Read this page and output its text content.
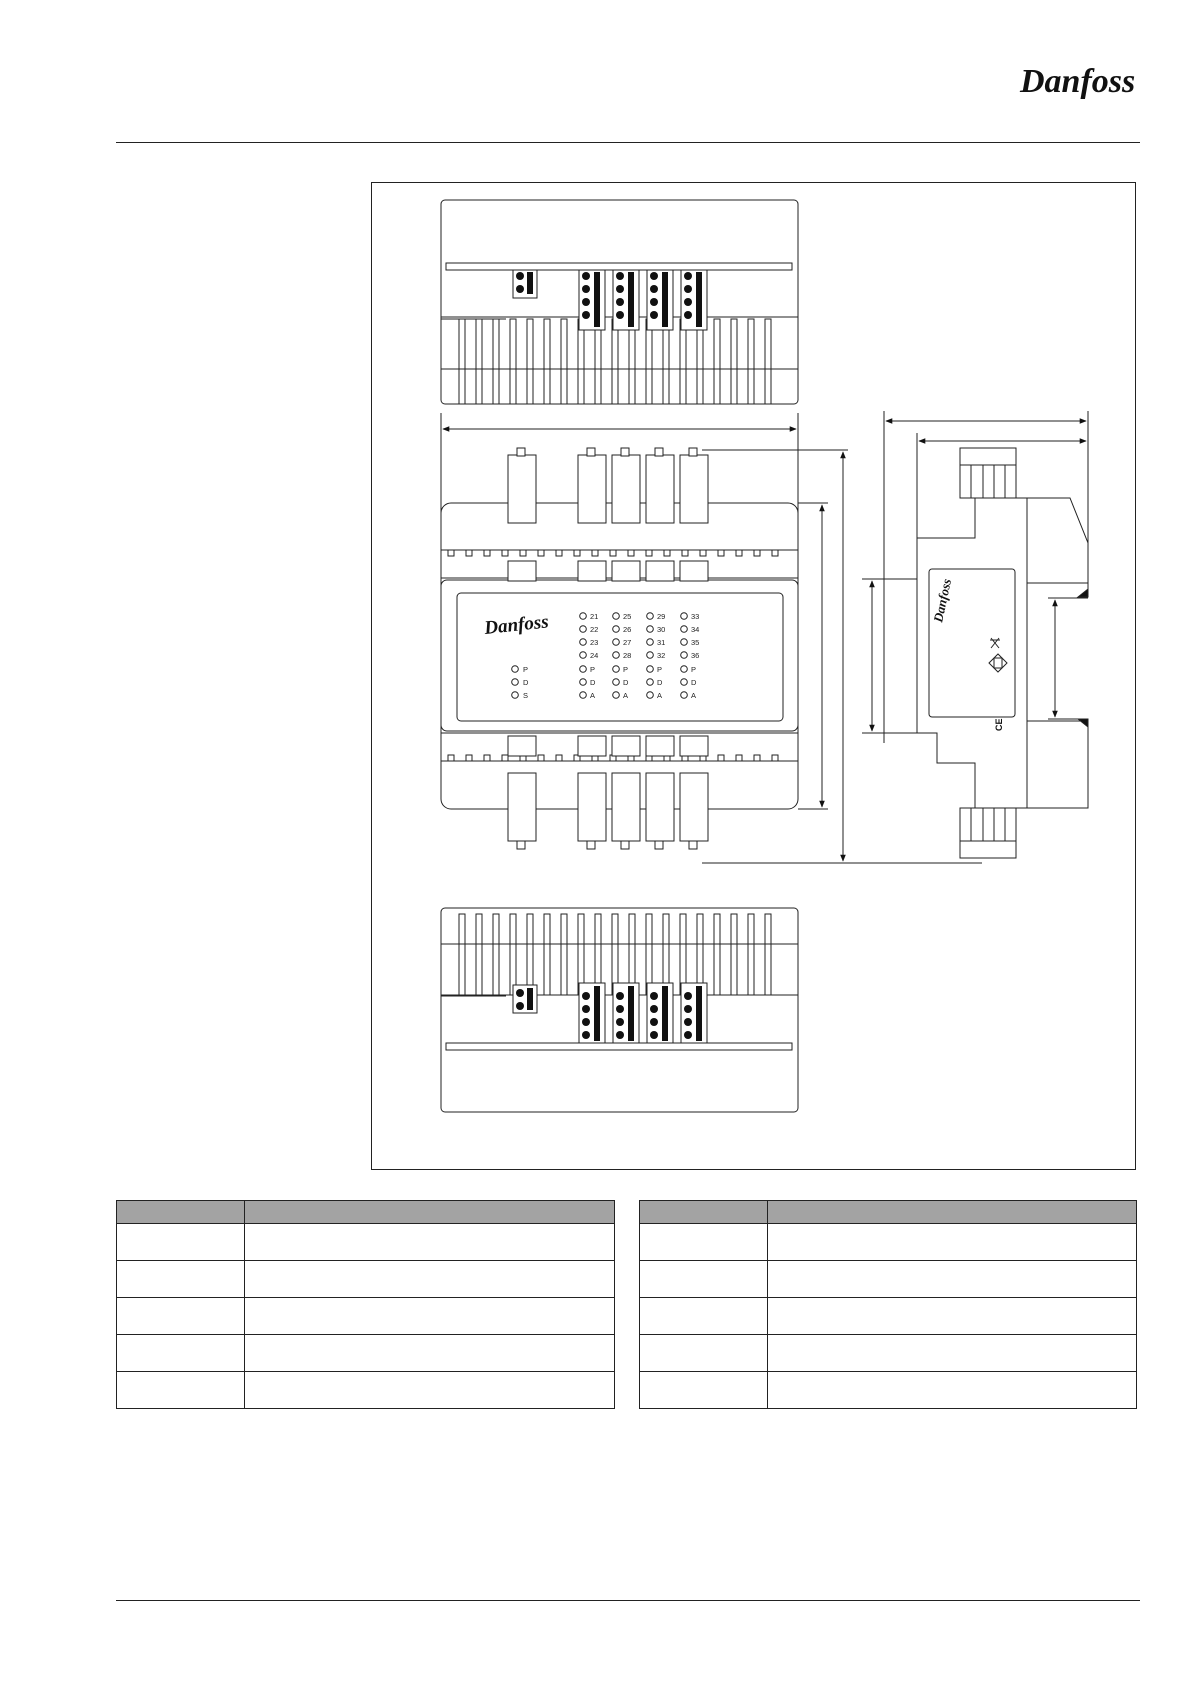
Danfoss
Danfoss
P
D
S
21
22
23
24
P
D
A
25
26
27
28
P
D
A
29
30
31
32
P
D
A
33
34
35
36
P
D
A
Danfoss
CE
